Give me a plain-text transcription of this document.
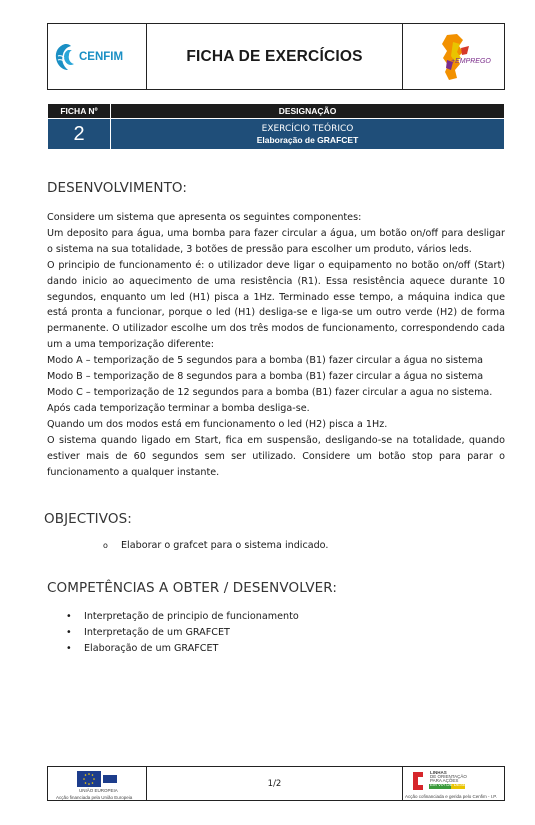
CENFIM	FICHA DE EXERCÍCIOS	+EMPREGO
FICHA Nº	DESIGNAÇÃO
2	EXERCÍCIO TEÓRICO
Elaboração de GRAFCET
DESENVOLVIMENTO:

Considere um sistema que apresenta os seguintes componentes:

Um deposito para água, uma bomba para fazer circular a água, um botão on/off para desligar o sistema na sua totalidade, 3 botões de pressão para escolher um produto, vários leds.

O principio de funcionamento é: o utilizador deve ligar o equipamento no botão on/off (Start) dando inicio ao aquecimento de uma resistência (R1). Essa resistência aquece durante 10 segundos, enquanto um led (H1) pisca a 1Hz. Terminado esse tempo, a máquina indica que está pronta a funcionar, porque o led (H1) desliga-se e liga-se um outro verde (H2) de forma permanente. O utilizador escolhe um dos três modos de funcionamento, correspondendo cada um a uma temporização diferente:

Modo A – temporização de 5 segundos para a bomba (B1) fazer circular a água no sistema

Modo B – temporização de 8 segundos para a bomba (B1) fazer circular a água no sistema

Modo C – temporização de 12 segundos para a bomba (B1) fazer circular a agua no sistema.

Após cada temporização terminar a bomba desliga-se.

Quando um dos modos está em funcionamento o led (H2) pisca a 1Hz.

O sistema quando ligado em Start, fica em suspensão, desligando-se na totalidade, quando estiver mais de 60 segundos sem ser utilizado. Considere um botão stop para parar o funcionamento a qualquer instante.

OBJECTIVOS:
o Elaborar o grafcet para o sistema indicado.
COMPETÊNCIAS A OBTER / DESENVOLVER:
• Interpretação de principio de funcionamento
• Interpretação de um GRAFCET
• Elaboração de um GRAFCET
UNIÃO EUROPEIA
Acção financiada pela União Europeia
1/2
LINHAS
DE ORIENTAÇÃO
PARA AÇÕES
EM VIA DE DESENV.
Acção cofinanciada e gerida pelo Cenfim - I.P.
